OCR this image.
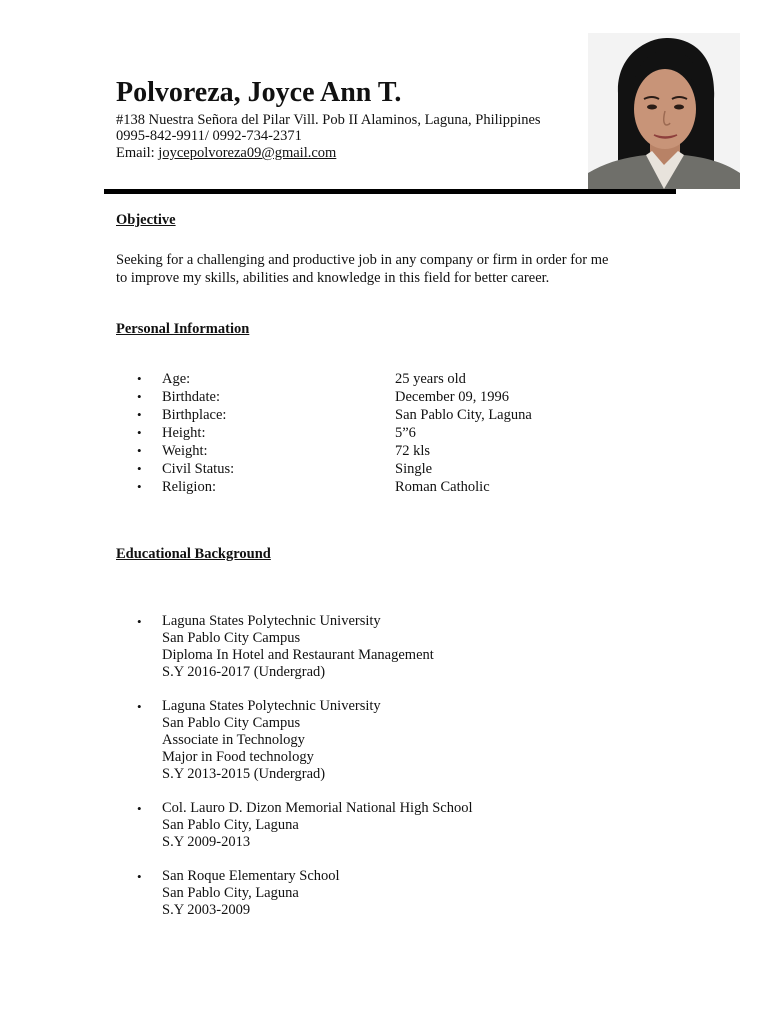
Polvoreza, Joyce Ann T.
#138 Nuestra Señora del Pilar Vill. Pob II Alaminos, Laguna, Philippines
0995-842-9911/ 0992-734-2371
Email: joycepolvoreza09@gmail.com
Objective

Seeking for a challenging and productive job in any company or firm in order for me
to improve my skills, abilities and knowledge in this field for better career.

Personal Information
• Age:	25 years old
• Birthdate:	December 09, 1996
• Birthplace:	San Pablo City, Laguna
• Height:	5”6
• Weight:	72 kls
• Civil Status:	Single
• Religion:	Roman Catholic
Educational Background
• Laguna States Polytechnic University
San Pablo City Campus
Diploma In Hotel and Restaurant Management
S.Y 2016-2017 (Undergrad)
• Laguna States Polytechnic University
San Pablo City Campus
Associate in Technology
Major in Food technology
S.Y 2013-2015 (Undergrad)
• Col. Lauro D. Dizon Memorial National High School
San Pablo City, Laguna
S.Y 2009-2013
• San Roque Elementary School
San Pablo City, Laguna
S.Y 2003-2009
